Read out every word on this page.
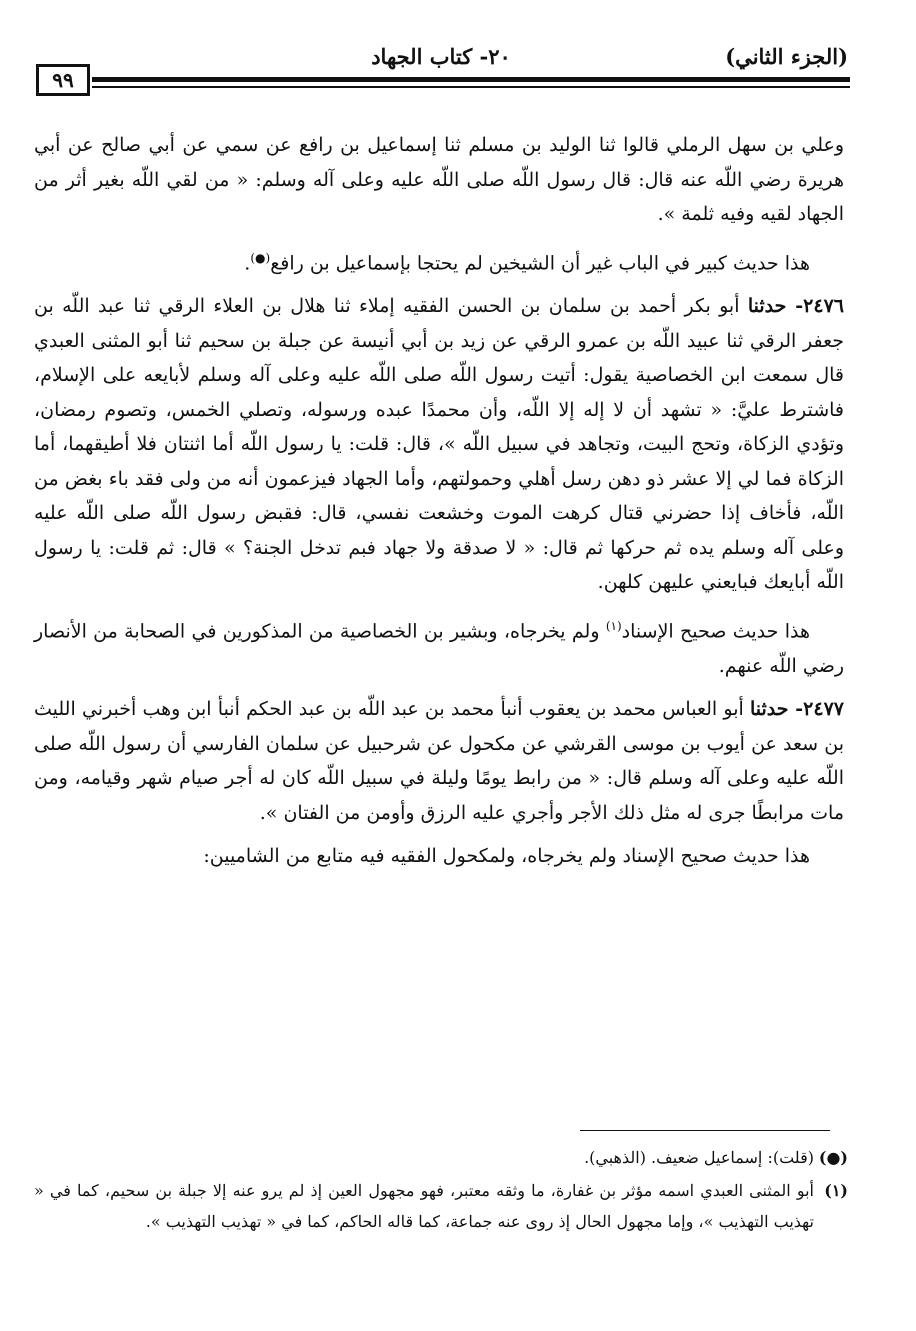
(الجزء الثاني)
٢٠- كتاب الجهاد
٩٩

وعلي بن سهل الرملي قالوا ثنا الوليد بن مسلم ثنا إسماعيل بن رافع عن سمي عن أبي صالح عن أبي هريرة رضي اللّه عنه قال: قال رسول اللّه صلى اللّه عليه وعلى آله وسلم: « من لقي اللّه بغير أثر من الجهاد لقيه وفيه ثلمة ».

هذا حديث كبير في الباب غير أن الشيخين لم يحتجا بإسماعيل بن رافع(●).

٢٤٧٦- حدثنا أبو بكر أحمد بن سلمان بن الحسن الفقيه إملاء ثنا هلال بن العلاء الرقي ثنا عبد اللّه بن جعفر الرقي ثنا عبيد اللّه بن عمرو الرقي عن زيد بن أبي أنيسة عن جبلة بن سحيم ثنا أبو المثنى العبدي قال سمعت ابن الخصاصية يقول: أتيت رسول اللّه صلى اللّه عليه وعلى آله وسلم لأبايعه على الإسلام، فاشترط عليَّ: « تشهد أن لا إله إلا اللّه، وأن محمدًا عبده ورسوله، وتصلي الخمس، وتصوم رمضان، وتؤدي الزكاة، وتحج البيت، وتجاهد في سبيل اللّه »، قال: قلت: يا رسول اللّه أما اثنتان فلا أطيقهما، أما الزكاة فما لي إلا عشر ذو دهن رسل أهلي وحمولتهم، وأما الجهاد فيزعمون أنه من ولى فقد باء بغض من اللّه، فأخاف إذا حضرني قتال كرهت الموت وخشعت نفسي، قال: فقبض رسول اللّه صلى اللّه عليه وعلى آله وسلم يده ثم حركها ثم قال: « لا صدقة ولا جهاد فبم تدخل الجنة؟ » قال: ثم قلت: يا رسول اللّه أبايعك فبايعني عليهن كلهن.

هذا حديث صحيح الإسناد$^{(١)}$ ولم يخرجاه، وبشير بن الخصاصية من المذكورين في الصحابة من الأنصار رضي اللّه عنهم.

٢٤٧٧- حدثنا أبو العباس محمد بن يعقوب أنبأ محمد بن عبد اللّه بن عبد الحكم أنبأ ابن وهب أخبرني الليث بن سعد عن أيوب بن موسى القرشي عن مكحول عن شرحبيل عن سلمان الفارسي أن رسول اللّه صلى اللّه عليه وعلى آله وسلم قال: « من رابط يومًا وليلة في سبيل اللّه كان له أجر صيام شهر وقيامه، ومن مات مرابطًا جرى له مثل ذلك الأجر وأجري عليه الرزق وأومن من الفتان ».

هذا حديث صحيح الإسناد ولم يخرجاه، ولمكحول الفقيه فيه متابع من الشاميين:

(●)
(قلت): إسماعيل ضعيف. (الذهبي).
(١)
أبو المثنى العبدي اسمه مؤثر بن غفارة، ما وثقه معتبر، فهو مجهول العين إذ لم يرو عنه إلا جبلة بن سحيم، كما في « تهذيب التهذيب »، وإما مجهول الحال إذ روى عنه جماعة، كما قاله الحاكم، كما في « تهذيب التهذيب ».
